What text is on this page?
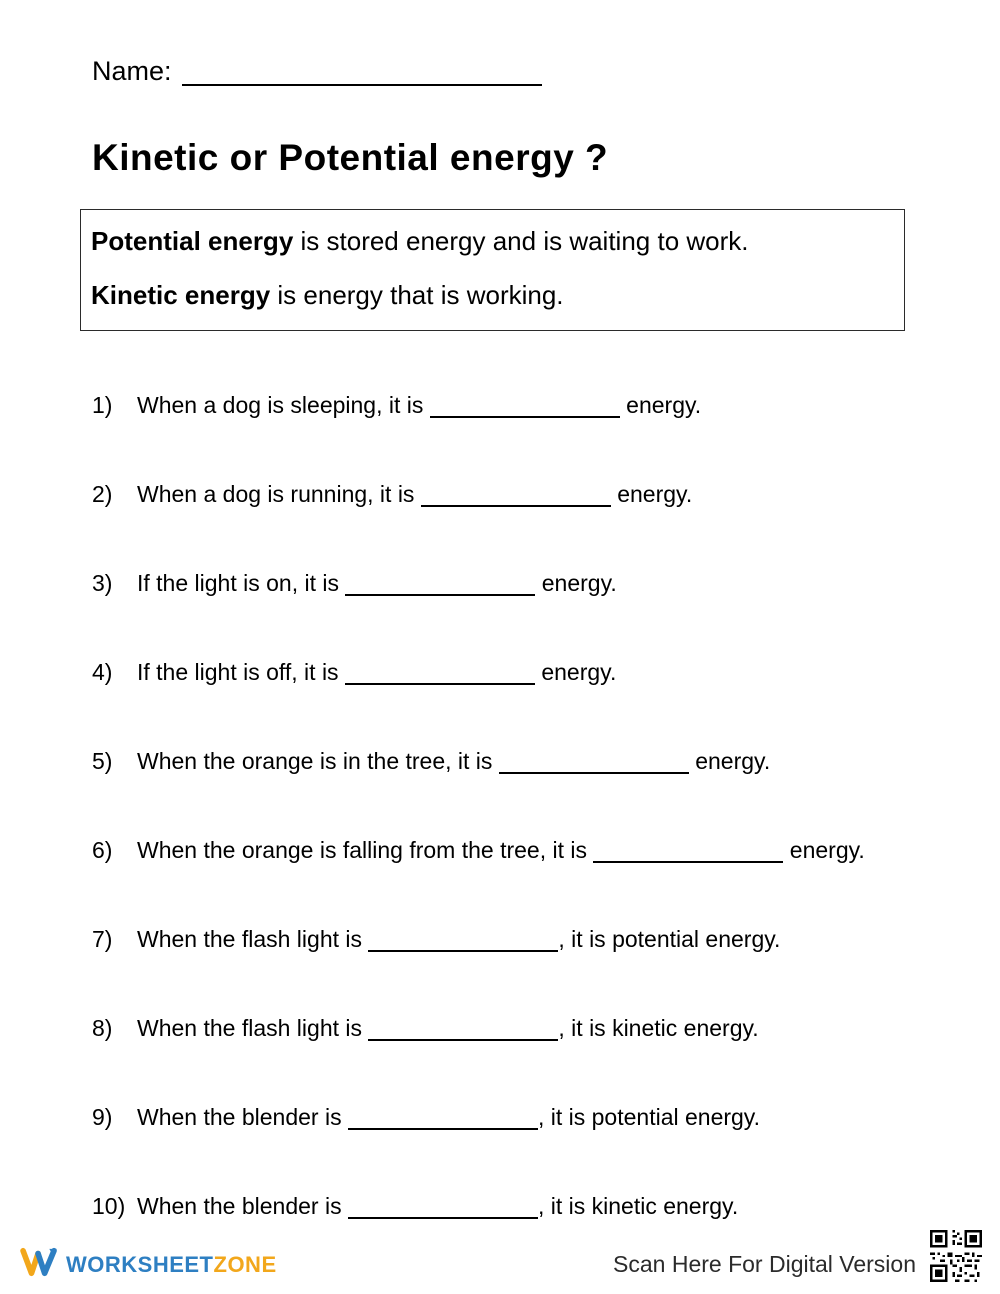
Name:
Kinetic or Potential energy ?
Potential energy is stored energy and is waiting to work.
Kinetic energy is energy that is working.
1)	When a dog is sleeping, it is	energy.
2)	When a dog is running, it is	energy.
3)	If the light is on, it is	energy.
4)	If the light is off, it is	energy.
5)	When the orange is in the tree, it is	energy.
6)	When the orange is falling from the tree, it is	energy.
7)	When the flash light is	, it is potential energy.
8)	When the flash light is	, it is kinetic energy.
9)	When the blender is	, it is potential energy.
10) When the blender is	, it is kinetic energy.
WORKSHEETZONE	Scan Here For Digital Version
